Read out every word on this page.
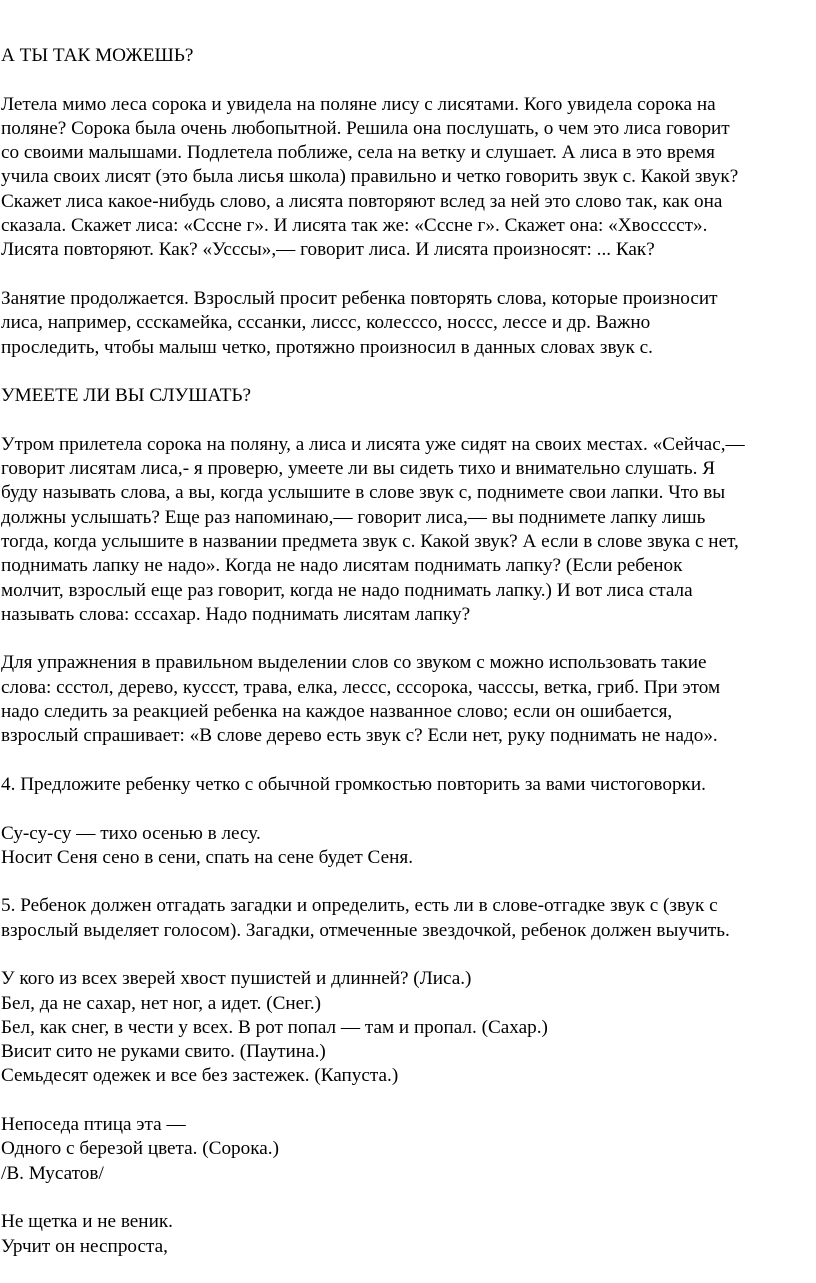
А ТЫ ТАК МОЖЕШЬ?
Летела мимо леса сорока и увидела на поляне лису с лисятами. Кого увидела сорока на
поляне? Сорока была очень любопытной. Решила она послушать, о чем это лиса говорит
со своими малышами. Подлетела поближе, села на ветку и слушает. А лиса в это время
учила своих лисят (это была лисья школа) правильно и четко говорить звук с. Какой звук?
Скажет лиса какое-нибудь слово, а лисята повторяют вслед за ней это слово так, как она
сказала. Скажет лиса: «Сссне г». И лисята так же: «Сссне г». Скажет она: «Хвосссст».
Лисята повторяют. Как? «Усссы»,— говорит лиса. И лисята произносят: ... Как?
Занятие продолжается. Взрослый просит ребенка повторять слова, которые произносит
лиса, например, ссскамейка, сссанки, лиссс, колесссо, носсс, лессе и др. Важно
проследить, чтобы малыш четко, протяжно произносил в данных словах звук с.
УМЕЕТЕ ЛИ ВЫ СЛУШАТЬ?
Утром прилетела сорока на поляну, а лиса и лисята уже сидят на своих местах. «Сейчас,—
говорит лисятам лиса,- я проверю, умеете ли вы сидеть тихо и внимательно слушать. Я
буду называть слова, а вы, когда услышите в слове звук с, поднимете свои лапки. Что вы
должны услышать? Еще раз напоминаю,— говорит лиса,— вы поднимете лапку лишь
тогда, когда услышите в названии предмета звук с. Какой звук? А если в слове звука с нет,
поднимать лапку не надо». Когда не надо лисятам поднимать лапку? (Если ребенок
молчит, взрослый еще раз говорит, когда не надо поднимать лапку.) И вот лиса стала
называть слова: сссахар. Надо поднимать лисятам лапку?
Для упражнения в правильном выделении слов со звуком с можно использовать такие
слова: ссстол, дерево, куссст, трава, елка, лессс, сссорока, часссы, ветка, гриб. При этом
надо следить за реакцией ребенка на каждое названное слово; если он ошибается,
взрослый спрашивает: «В слове дерево есть звук с? Если нет, руку поднимать не надо».
4. Предложите ребенку четко с обычной громкостью повторить за вами чистоговорки.
Су-су-су — тихо осенью в лесу.
Носит Сеня сено в сени, спать на сене будет Сеня.
5. Ребенок должен отгадать загадки и определить, есть ли в слове-отгадке звук с (звук с
взрослый выделяет голосом). Загадки, отмеченные звездочкой, ребенок должен выучить.
У кого из всех зверей хвост пушистей и длинней? (Лиса.)
Бел, да не сахар, нет ног, а идет. (Снег.)
Бел, как снег, в чести у всех. В рот попал — там и пропал. (Сахар.)
Висит сито не руками свито. (Паутина.)
Семьдесят одежек и все без застежек. (Капуста.)
Непоседа птица эта —
Одного с березой цвета. (Сорока.)
/В. Мусатов/
Не щетка и не веник.
Урчит он неспроста,
